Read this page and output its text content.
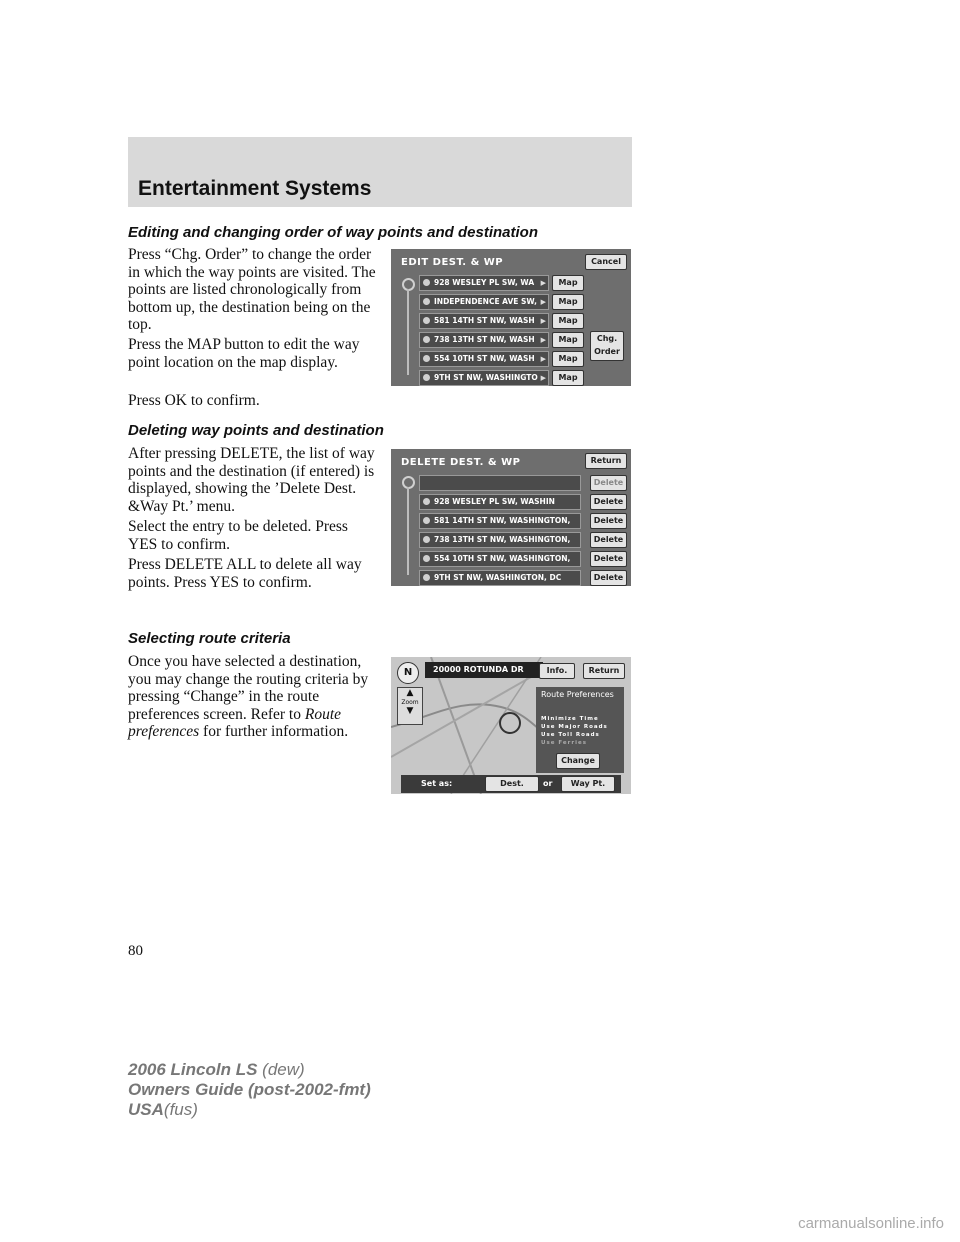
Entertainment Systems
Editing and changing order of way points and destination

Press “Chg. Order” to change the order in which the way points are visited. The points are listed chronologically from bottom up, the destination being on the top.

Press the MAP button to edit the way point location on the map display.

Press OK to confirm.

EDIT DEST. & WP	Cancel
928 WESLEY PL SW, WA ▶	Map
INDEPENDENCE AVE SW, ▶	Map
581 14TH ST NW, WASH ▶	Map
738 13TH ST NW, WASH ▶	Map
554 10TH ST NW, WASH ▶	Map
9TH ST NW, WASHINGTO ▶	Map
Chg. Order
Deleting way points and destination

After pressing DELETE, the list of way points and the destination (if entered) is displayed, showing the ’Delete Dest. &Way Pt.’ menu.

Select the entry to be deleted. Press YES to confirm.

Press DELETE ALL to delete all way points. Press YES to confirm.

DELETE DEST. & WP	Return
Delete
928 WESLEY PL SW, WASHIN	Delete
581 14TH ST NW, WASHINGTON,	Delete
738 13TH ST NW, WASHINGTON,	Delete
554 10TH ST NW, WASHINGTON,	Delete
9TH ST NW, WASHINGTON, DC	Delete
Selecting route criteria

Once you have selected a destination, you may change the routing criteria by pressing “Change” in the route preferences screen. Refer to Route preferences for further information.

N	20000 ROTUNDA DR	Info.	Return
▲
Zoom
▼
Route Preferences
Minimize Time
Use Major Roads
Use Toll Roads
Use Ferries
Change
Set as:	Dest.	or	Way Pt.
80
2006 Lincoln LS (dew)
Owners Guide (post-2002-fmt)
USA(fus)
carmanualsonline.info
